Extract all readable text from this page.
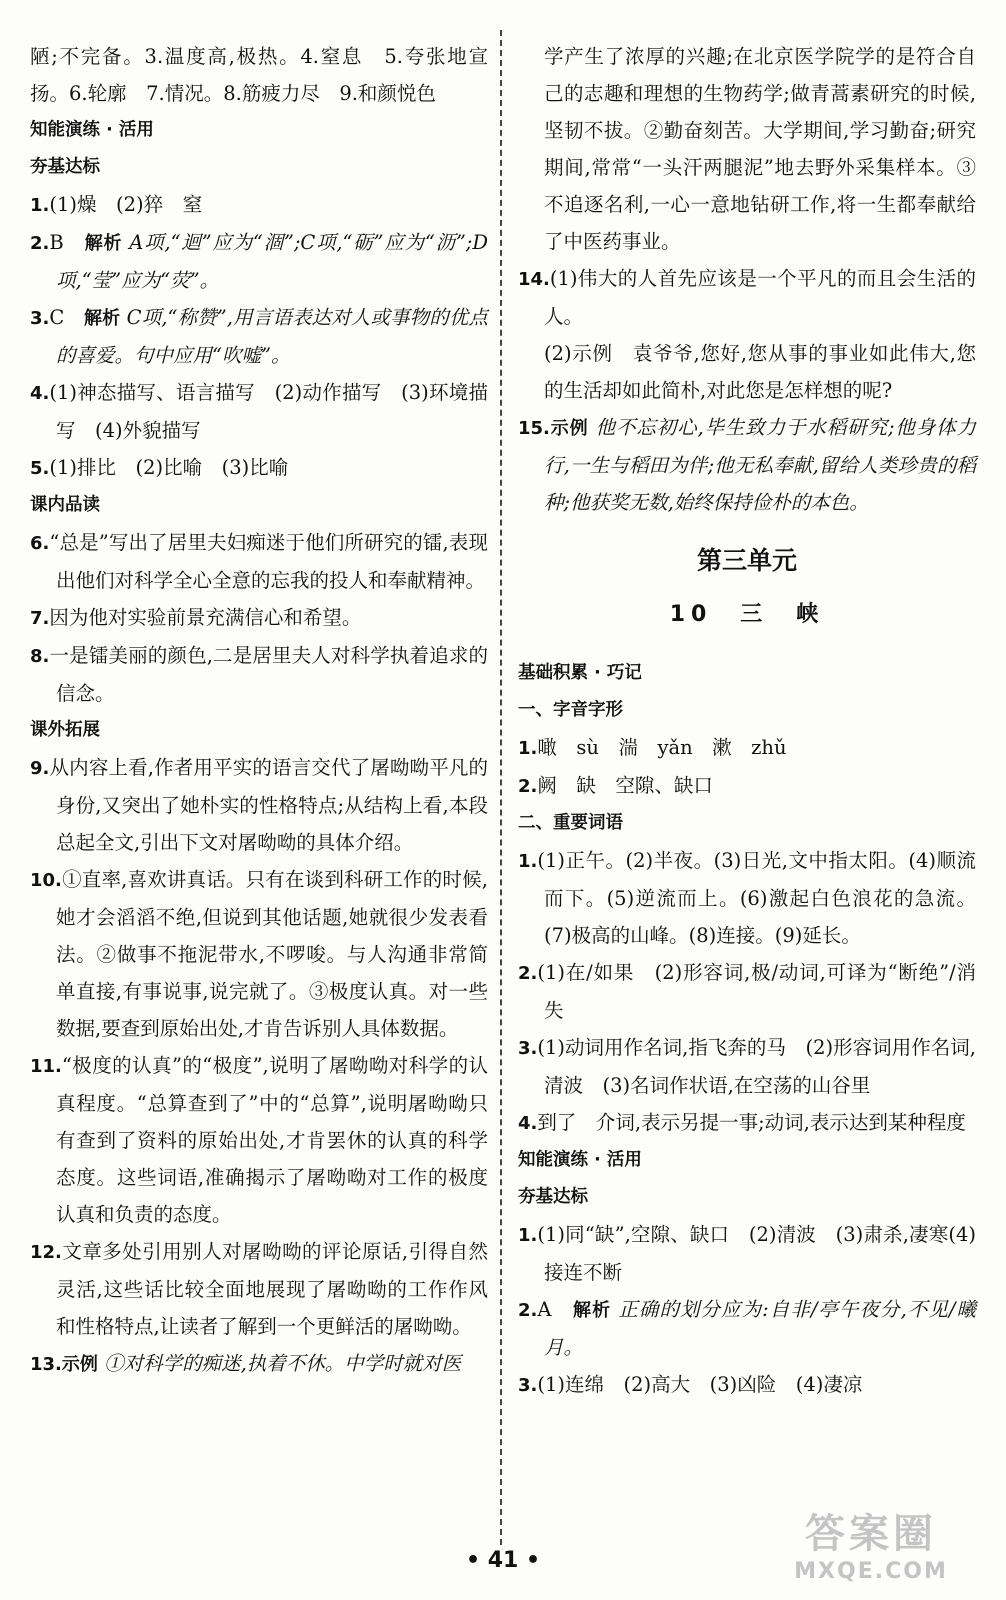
陋;不完备。3.温度高,极热。4.窒息　5.夸张地宣扬。6.轮廓　7.情况。8.筋疲力尽　9.和颜悦色
知能演练 · 活用
夯基达标
1.(1)燥　(2)猝　窒
2.B　解析 A项,“迴”应为“涸”;C项,“砺”应为“沥”;D项,“莹”应为“荧”。
3.C　解析 C项,“称赞”,用言语表达对人或事物的优点的喜爱。句中应用“吹嘘”。
4.(1)神态描写、语言描写　(2)动作描写　(3)环境描写　(4)外貌描写
5.(1)排比　(2)比喻　(3)比喻
课内品读
6.“总是”写出了居里夫妇痴迷于他们所研究的镭,表现出他们对科学全心全意的忘我的投人和奉献精神。
7.因为他对实验前景充满信心和希望。
8.一是镭美丽的颜色,二是居里夫人对科学执着追求的信念。
课外拓展
9.从内容上看,作者用平实的语言交代了屠呦呦平凡的身份,又突出了她朴实的性格特点;从结构上看,本段总起全文,引出下文对屠呦呦的具体介绍。
10.①直率,喜欢讲真话。只有在谈到科研工作的时候,她才会滔滔不绝,但说到其他话题,她就很少发表看法。②做事不拖泥带水,不啰唆。与人沟通非常简单直接,有事说事,说完就了。③极度认真。对一些数据,要查到原始出处,才肯告诉别人具体数据。
11.“极度的认真”的“极度”,说明了屠呦呦对科学的认真程度。“总算查到了”中的“总算”,说明屠呦呦只有查到了资料的原始出处,才肯罢休的认真的科学态度。这些词语,准确揭示了屠呦呦对工作的极度认真和负责的态度。
12.文章多处引用别人对屠呦呦的评论原话,引得自然灵活,这些话比较全面地展现了屠呦呦的工作作风和性格特点,让读者了解到一个更鲜活的屠呦呦。
13.示例 ①对科学的痴迷,执着不休。中学时就对医
学产生了浓厚的兴趣;在北京医学院学的是符合自己的志趣和理想的生物药学;做青蒿素研究的时候,坚韧不拔。②勤奋刻苦。大学期间,学习勤奋;研究期间,常常“一头汗两腿泥”地去野外采集样本。③不追逐名利,一心一意地钻研工作,将一生都奉献给了中医药事业。
14.(1)伟大的人首先应该是一个平凡的而且会生活的人。
(2)示例　袁爷爷,您好,您从事的事业如此伟大,您的生活却如此简朴,对此您是怎样想的呢?
15.示例 他不忘初心,毕生致力于水稻研究;他身体力行,一生与稻田为伴;他无私奉献,留给人类珍贵的稻种;他获奖无数,始终保持俭朴的本色。
第三单元
10　三　峡
基础积累 · 巧记
一、字音字形
1.噉　sù　湍　yǎn　漱　zhǔ
2.阙　缺　空隙、缺口
二、重要词语
1.(1)正午。(2)半夜。(3)日光,文中指太阳。(4)顺流而下。(5)逆流而上。(6)激起白色浪花的急流。(7)极高的山峰。(8)连接。(9)延长。
2.(1)在/如果　(2)形容词,极/动词,可译为“断绝”/消失
3.(1)动词用作名词,指飞奔的马　(2)形容词用作名词,清波　(3)名词作状语,在空荡的山谷里
4.到了　介词,表示另提一事;动词,表示达到某种程度
知能演练 · 活用
夯基达标
1.(1)同“缺”,空隙、缺口　(2)清波　(3)肃杀,凄寒(4)接连不断
2.A　解析 正确的划分应为:自非/亭午夜分,不见/曦月。
3.(1)连绵　(2)高大　(3)凶险　(4)凄凉
• 41 •
答案圈
MXQE.COM
